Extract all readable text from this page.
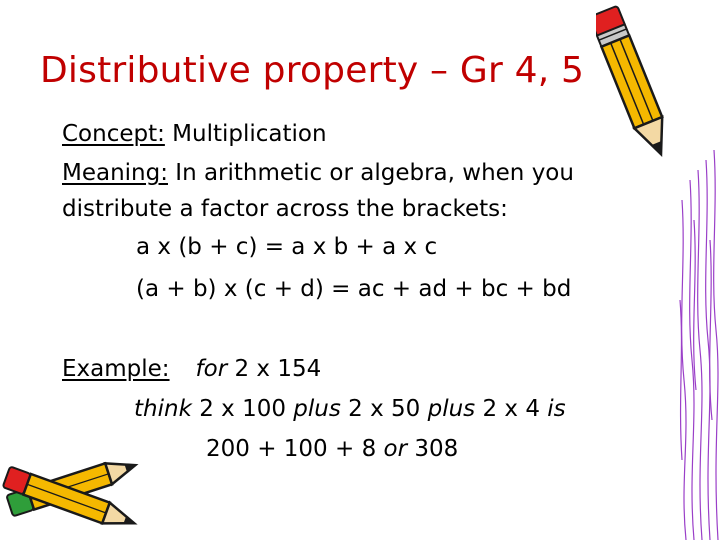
Distributive property – Gr 4, 5
Concept: Multiplication
Meaning: In arithmetic or algebra, when you
distribute a factor across the brackets:
a x (b + c) = a x b + a x c
(a + b) x (c + d) = ac + ad + bc + bd
Example: for 2 x 154
think 2 x 100 plus 2 x 50 plus 2 x 4 is
200 + 100 + 8 or 308
